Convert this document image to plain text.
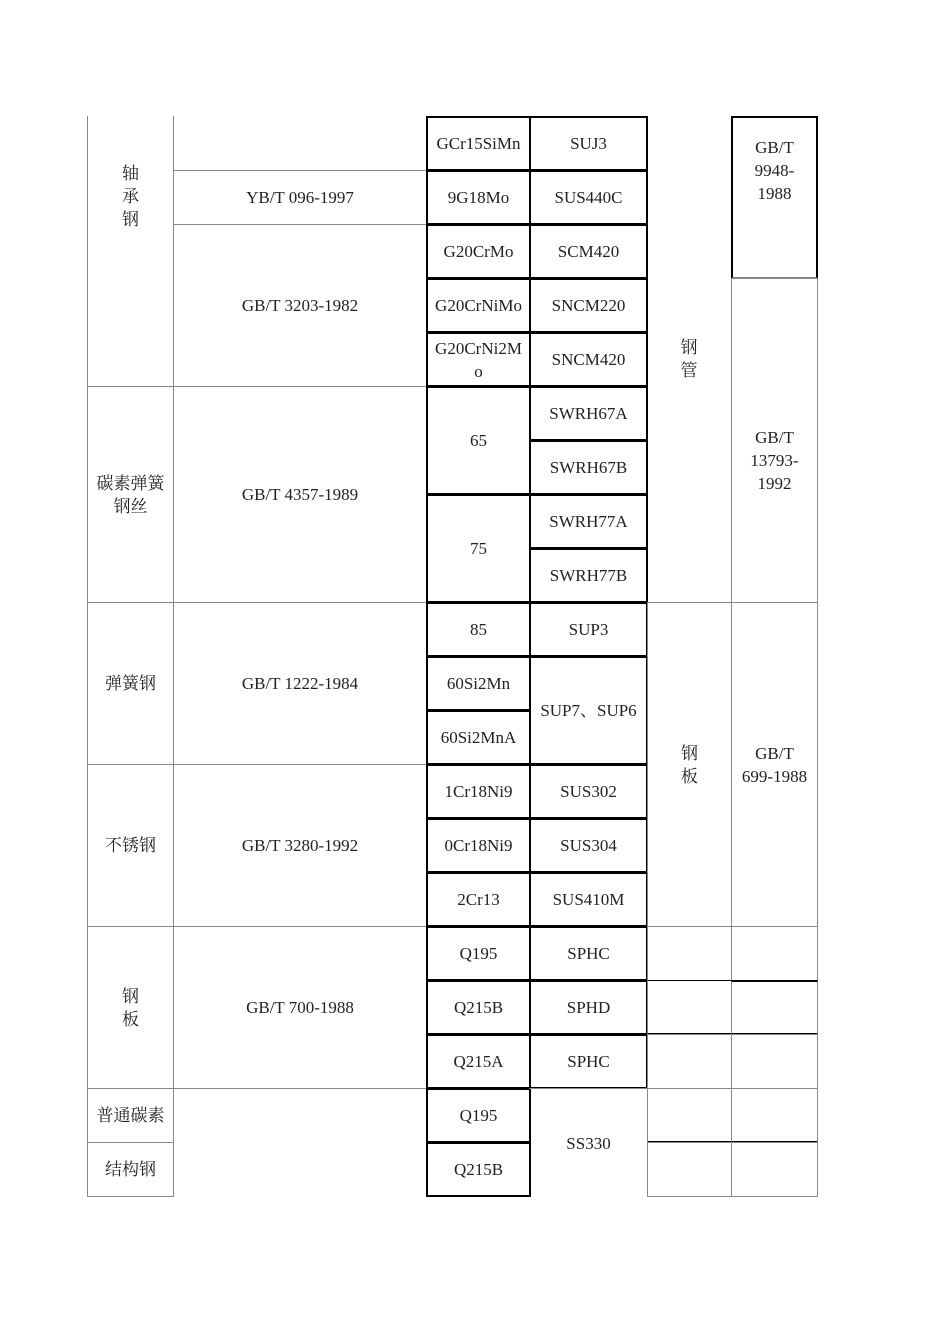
轴
承
钢
碳素弹簧
钢丝
弹簧钢
不锈钢
钢
板
普通碳素
结构钢
YB/T 096-1997
GB/T 3203-1982
GB/T 4357-1989
GB/T 1222-1984
GB/T 3280-1992
GB/T 700-1988
GCr15SiMn
9G18Mo
G20CrMo
G20CrNiMo
G20CrNi2M
o
65
75
85
60Si2Mn
60Si2MnA
1Cr18Ni9
0Cr18Ni9
2Cr13
Q195
Q215B
Q215A
Q195
Q215B
SUJ3
SUS440C
SCM420
SNCM220
SNCM420
SWRH67A
SWRH67B
SWRH77A
SWRH77B
SUP3
SUP7、SUP6
SUS302
SUS304
SUS410M
SPHC
SPHD
SPHC
SS330
钢
管
钢
板
GB/T
9948-
1988
GB/T
13793-
1992
GB/T
699-1988
